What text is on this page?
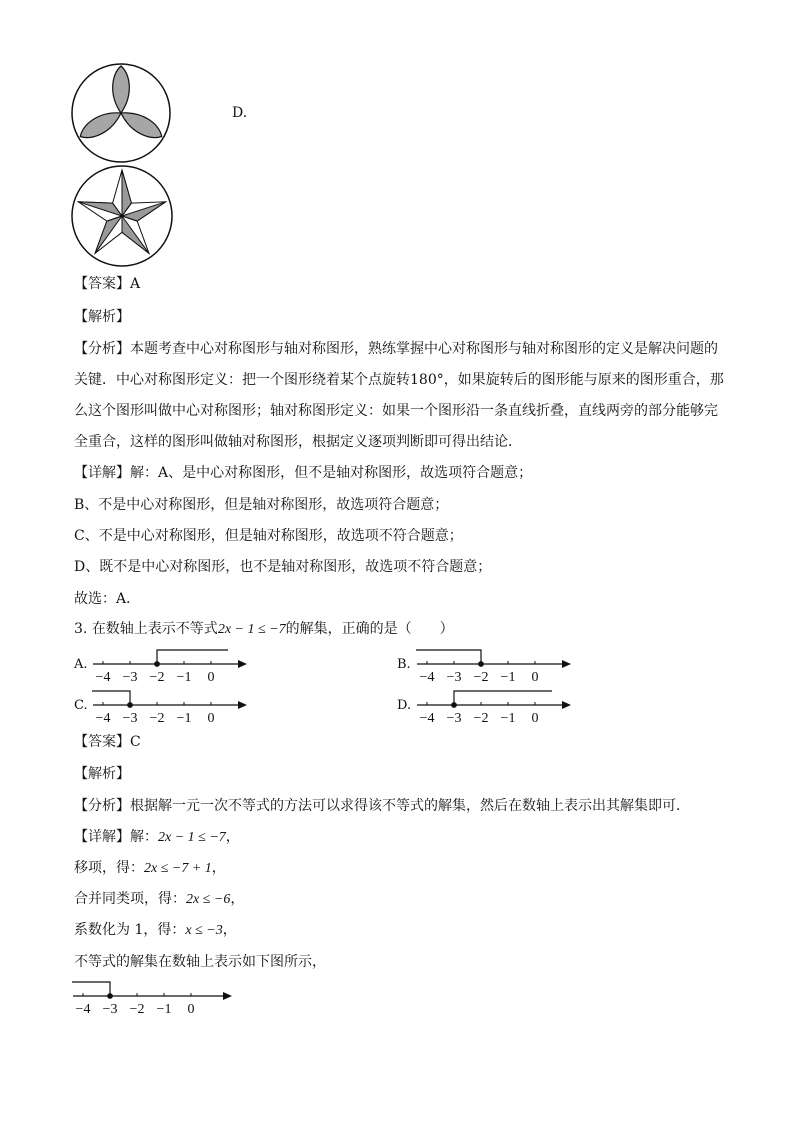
D.
【答案】A
【解析】
【分析】本题考查中心对称图形与轴对称图形，熟练掌握中心对称图形与轴对称图形的定义是解决问题的
关键．中心对称图形定义：把一个图形绕着某个点旋转180°，如果旋转后的图形能与原来的图形重合，那
么这个图形叫做中心对称图形；轴对称图形定义：如果一个图形沿一条直线折叠，直线两旁的部分能够完
全重合，这样的图形叫做轴对称图形，根据定义逐项判断即可得出结论．
【详解】解：A、是中心对称图形，但不是轴对称图形，故选项符合题意；
B、不是中心对称图形，但是轴对称图形，故选项符合题意；
C、不是中心对称图形，但是轴对称图形，故选项不符合题意；
D、既不是中心对称图形，也不是轴对称图形，故选项不符合题意；
故选：A．
3. 在数轴上表示不等式2x − 1 ≤ −7的解集，正确的是（　　）
A.
−4 −3 −2 −1 0
B.
−4 −3 −2 −1 0
C.
−4 −3 −2 −1 0
D.
−4 −3 −2 −1 0
【答案】C
【解析】
【分析】根据解一元一次不等式的方法可以求得该不等式的解集，然后在数轴上表示出其解集即可．
【详解】解：2x − 1 ≤ −7，
移项，得：2x ≤ −7 + 1，
合并同类项，得：2x ≤ −6，
系数化为 1，得：x ≤ −3，
不等式的解集在数轴上表示如下图所示，
−4 −3 −2 −1 0
